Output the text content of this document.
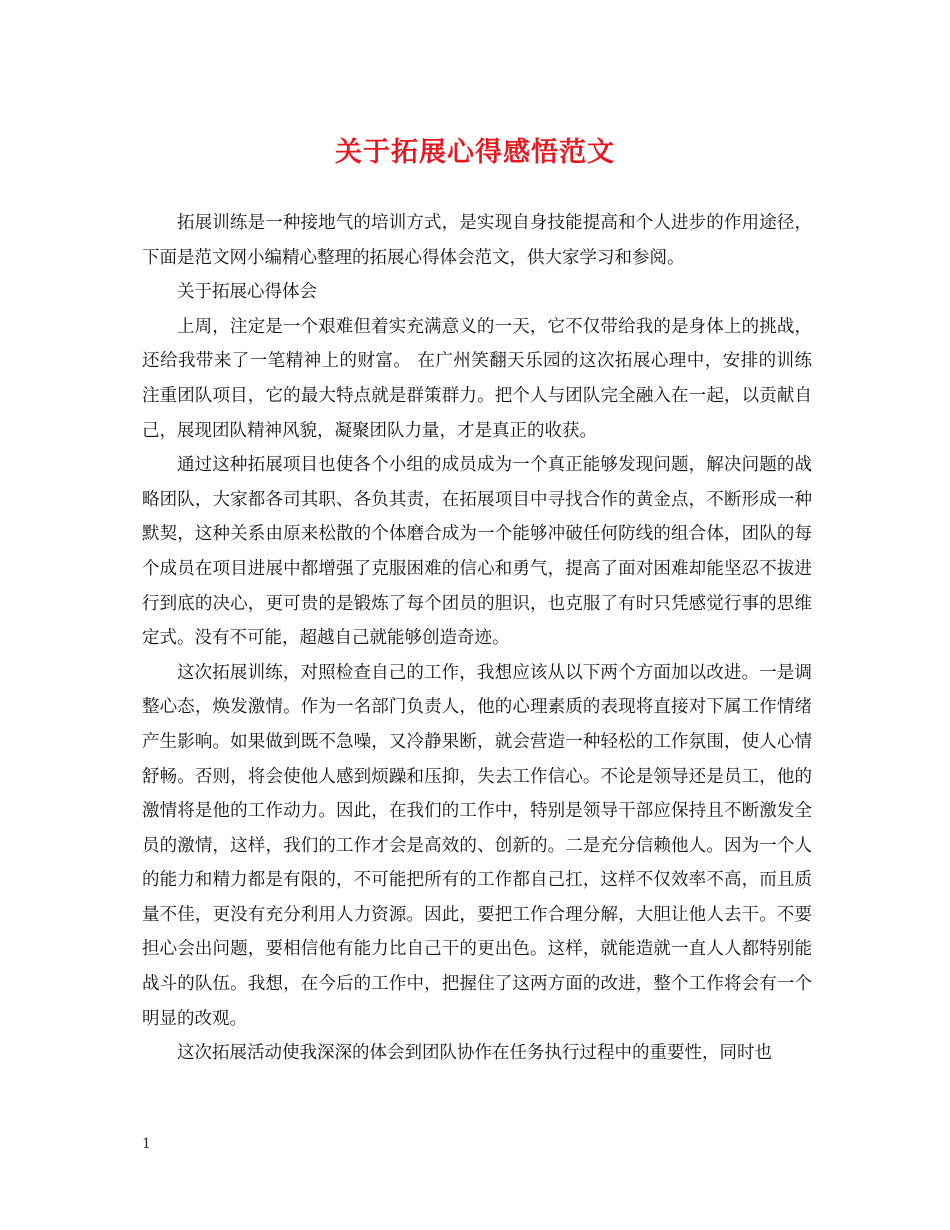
关于拓展心得感悟范文

拓展训练是一种接地气的培训方式，是实现自身技能提高和个人进步的作用途径，下面是范文网小编精心整理的拓展心得体会范文，供大家学习和参阅。

关于拓展心得体会

上周，注定是一个艰难但着实充满意义的一天，它不仅带给我的是身体上的挑战，还给我带来了一笔精神上的财富。 在广州笑翻天乐园的这次拓展心理中，安排的训练注重团队项目，它的最大特点就是群策群力。把个人与团队完全融入在一起，以贡献自己，展现团队精神风貌，凝聚团队力量，才是真正的收获。

通过这种拓展项目也使各个小组的成员成为一个真正能够发现问题，解决问题的战略团队，大家都各司其职、各负其责，在拓展项目中寻找合作的黄金点，不断形成一种默契，这种关系由原来松散的个体磨合成为一个能够冲破任何防线的组合体，团队的每个成员在项目进展中都增强了克服困难的信心和勇气，提高了面对困难却能坚忍不拔进行到底的决心，更可贵的是锻炼了每个团员的胆识，也克服了有时只凭感觉行事的思维定式。没有不可能，超越自己就能够创造奇迹。

这次拓展训练，对照检查自己的工作，我想应该从以下两个方面加以改进。一是调整心态，焕发激情。作为一名部门负责人，他的心理素质的表现将直接对下属工作情绪产生影响。如果做到既不急噪，又冷静果断，就会营造一种轻松的工作氛围，使人心情舒畅。否则，将会使他人感到烦躁和压抑，失去工作信心。不论是领导还是员工，他的激情将是他的工作动力。因此，在我们的工作中，特别是领导干部应保持且不断激发全员的激情，这样，我们的工作才会是高效的、创新的。二是充分信赖他人。因为一个人的能力和精力都是有限的，不可能把所有的工作都自己扛，这样不仅效率不高，而且质量不佳，更没有充分利用人力资源。因此，要把工作合理分解，大胆让他人去干。不要担心会出问题，要相信他有能力比自己干的更出色。这样，就能造就一直人人都特别能战斗的队伍。我想，在今后的工作中，把握住了这两方面的改进，整个工作将会有一个明显的改观。

这次拓展活动使我深深的体会到团队协作在任务执行过程中的重要性，同时也

1
